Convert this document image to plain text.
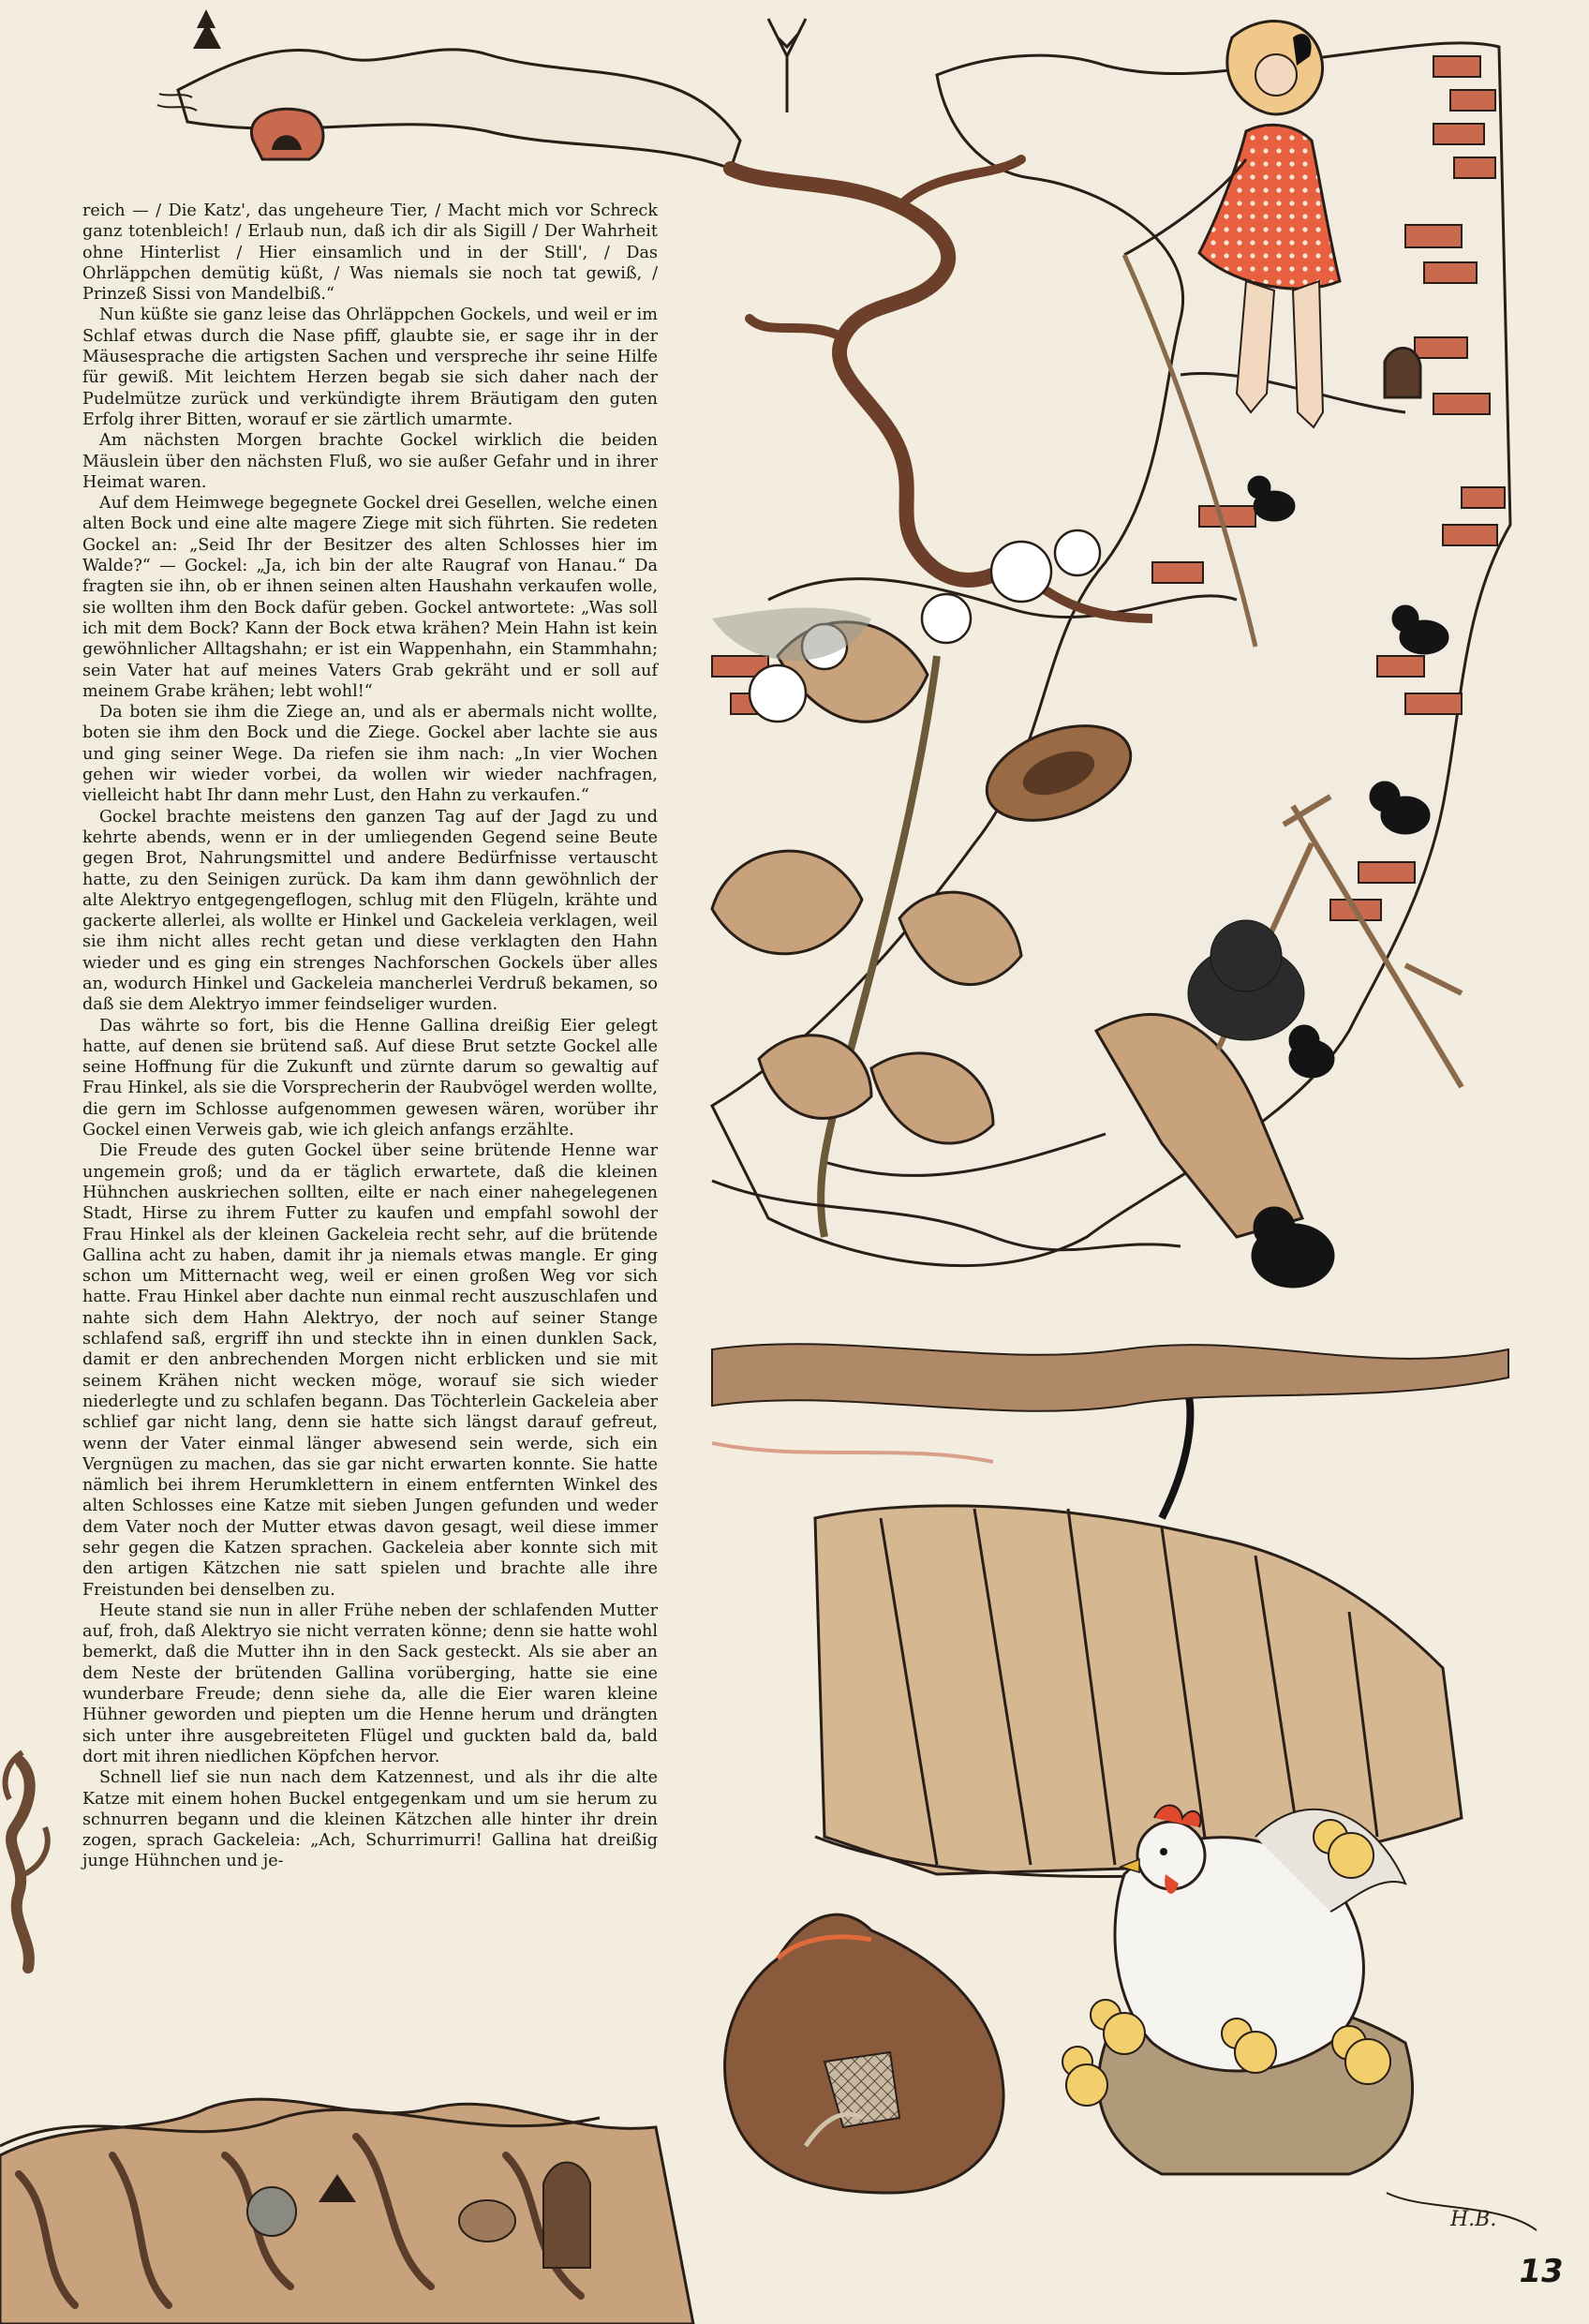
reich — / Die Katz', das ungeheure Tier, / Macht mich vor Schreck ganz totenbleich! / Erlaub nun, daß ich dir als Sigill / Der Wahrheit ohne Hinterlist / Hier einsamlich und in der Still', / Das Ohrläppchen demütig küßt, / Was niemals sie noch tat gewiß, / Prinzeß Sissi von Mandelbiß.“

Nun küßte sie ganz leise das Ohrläppchen Gockels, und weil er im Schlaf etwas durch die Nase pfiff, glaubte sie, er sage ihr in der Mäusesprache die artigsten Sachen und verspreche ihr seine Hilfe für gewiß. Mit leichtem Herzen begab sie sich daher nach der Pudelmütze zurück und verkündigte ihrem Bräutigam den guten Erfolg ihrer Bitten, worauf er sie zärtlich umarmte.

Am nächsten Morgen brachte Gockel wirklich die beiden Mäuslein über den nächsten Fluß, wo sie außer Gefahr und in ihrer Heimat waren.

Auf dem Heimwege begegnete Gockel drei Gesellen, welche einen alten Bock und eine alte magere Ziege mit sich führten. Sie redeten Gockel an: „Seid Ihr der Besitzer des alten Schlosses hier im Walde?“ — Gockel: „Ja, ich bin der alte Raugraf von Hanau.“ Da fragten sie ihn, ob er ihnen seinen alten Haushahn verkaufen wolle, sie wollten ihm den Bock dafür geben. Gockel antwortete: „Was soll ich mit dem Bock? Kann der Bock etwa krähen? Mein Hahn ist kein gewöhnlicher Alltagshahn; er ist ein Wappenhahn, ein Stammhahn; sein Vater hat auf meines Vaters Grab gekräht und er soll auf meinem Grabe krähen; lebt wohl!“

Da boten sie ihm die Ziege an, und als er abermals nicht wollte, boten sie ihm den Bock und die Ziege. Gockel aber lachte sie aus und ging seiner Wege. Da riefen sie ihm nach: „In vier Wochen gehen wir wieder vorbei, da wollen wir wieder nachfragen, vielleicht habt Ihr dann mehr Lust, den Hahn zu verkaufen.“

Gockel brachte meistens den ganzen Tag auf der Jagd zu und kehrte abends, wenn er in der umliegenden Gegend seine Beute gegen Brot, Nahrungsmittel und andere Bedürfnisse vertauscht hatte, zu den Seinigen zurück. Da kam ihm dann gewöhnlich der alte Alektryo entgegengeflogen, schlug mit den Flügeln, krähte und gackerte allerlei, als wollte er Hinkel und Gackeleia verklagen, weil sie ihm nicht alles recht getan und diese verklagten den Hahn wieder und es ging ein strenges Nachforschen Gockels über alles an, wodurch Hinkel und Gackeleia mancherlei Verdruß bekamen, so daß sie dem Alektryo immer feindseliger wurden.

Das währte so fort, bis die Henne Gallina dreißig Eier gelegt hatte, auf denen sie brütend saß. Auf diese Brut setzte Gockel alle seine Hoffnung für die Zukunft und zürnte darum so gewaltig auf Frau Hinkel, als sie die Vorsprecherin der Raubvögel werden wollte, die gern im Schlosse aufgenommen gewesen wären, worüber ihr Gockel einen Verweis gab, wie ich gleich anfangs erzählte.

Die Freude des guten Gockel über seine brütende Henne war ungemein groß; und da er täglich erwartete, daß die kleinen Hühnchen auskriechen sollten, eilte er nach einer nahegelegenen Stadt, Hirse zu ihrem Futter zu kaufen und empfahl sowohl der Frau Hinkel als der kleinen Gackeleia recht sehr, auf die brütende Gallina acht zu haben, damit ihr ja niemals etwas mangle. Er ging schon um Mitternacht weg, weil er einen großen Weg vor sich hatte. Frau Hinkel aber dachte nun einmal recht auszuschlafen und nahte sich dem Hahn Alektryo, der noch auf seiner Stange schlafend saß, ergriff ihn und steckte ihn in einen dunklen Sack, damit er den anbrechenden Morgen nicht erblicken und sie mit seinem Krähen nicht wecken möge, worauf sie sich wieder niederlegte und zu schlafen begann. Das Töchterlein Gackeleia aber schlief gar nicht lang, denn sie hatte sich längst darauf gefreut, wenn der Vater einmal länger abwesend sein werde, sich ein Vergnügen zu machen, das sie gar nicht erwarten konnte. Sie hatte nämlich bei ihrem Herumklettern in einem entfernten Winkel des alten Schlosses eine Katze mit sieben Jungen gefunden und weder dem Vater noch der Mutter etwas davon gesagt, weil diese immer sehr gegen die Katzen sprachen. Gackeleia aber konnte sich mit den artigen Kätzchen nie satt spielen und brachte alle ihre Freistunden bei denselben zu.

Heute stand sie nun in aller Frühe neben der schlafenden Mutter auf, froh, daß Alektryo sie nicht verraten könne; denn sie hatte wohl bemerkt, daß die Mutter ihn in den Sack gesteckt. Als sie aber an dem Neste der brütenden Gallina vorüberging, hatte sie eine wunderbare Freude; denn siehe da, alle die Eier waren kleine Hühner geworden und piepten um die Henne herum und drängten sich unter ihre ausgebreiteten Flügel und guckten bald da, bald dort mit ihren niedlichen Köpfchen hervor.

Schnell lief sie nun nach dem Katzennest, und als ihr die alte Katze mit einem hohen Buckel entgegenkam und um sie herum zu schnurren begann und die kleinen Kätzchen alle hinter ihr drein zogen, sprach Gackeleia: „Ach, Schurrimurri! Gallina hat dreißig junge Hühnchen und je-

H.B.
13
